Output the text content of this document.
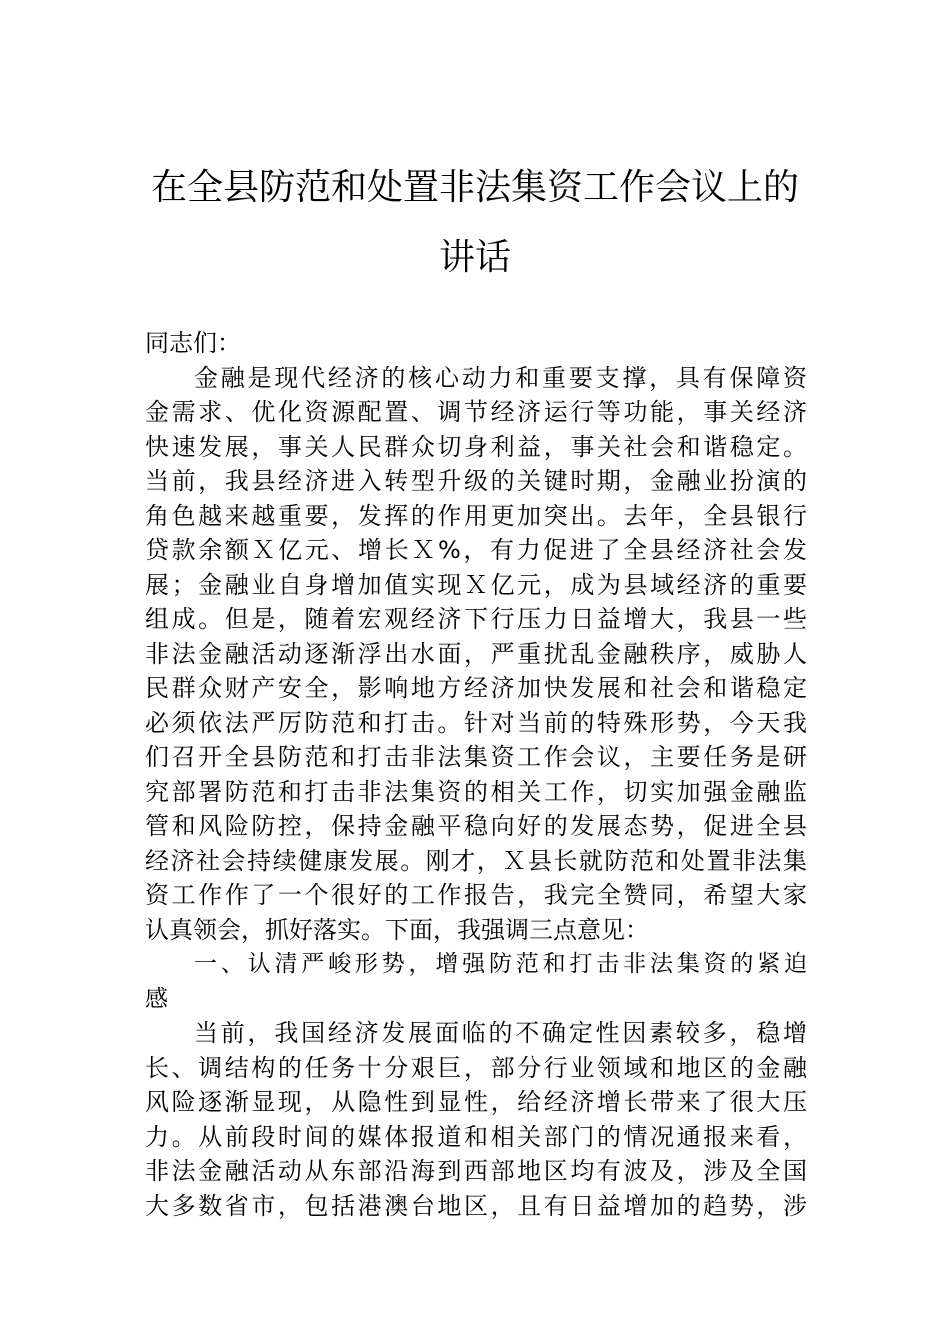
在全县防范和处置非法集资工作会议上的
讲话
同志们：
金融是现代经济的核心动力和重要支撑，具有保障资
金需求、优化资源配置、调节经济运行等功能，事关经济
快速发展，事关人民群众切身利益，事关社会和谐稳定。
当前，我县经济进入转型升级的关键时期，金融业扮演的
角色越来越重要，发挥的作用更加突出。去年，全县银行
贷款余额Ｘ亿元、增长Ｘ%，有力促进了全县经济社会发
展；金融业自身增加值实现Ｘ亿元，成为县域经济的重要
组成。但是，随着宏观经济下行压力日益增大，我县一些
非法金融活动逐渐浮出水面，严重扰乱金融秩序，威胁人
民群众财产安全，影响地方经济加快发展和社会和谐稳定
必须依法严厉防范和打击。针对当前的特殊形势，今天我
们召开全县防范和打击非法集资工作会议，主要任务是研
究部署防范和打击非法集资的相关工作，切实加强金融监
管和风险防控，保持金融平稳向好的发展态势，促进全县
经济社会持续健康发展。刚才，Ｘ县长就防范和处置非法集
资工作作了一个很好的工作报告，我完全赞同，希望大家
认真领会，抓好落实。下面，我强调三点意见：
一、认清严峻形势，增强防范和打击非法集资的紧迫
感
当前，我国经济发展面临的不确定性因素较多，稳增
长、调结构的任务十分艰巨，部分行业领域和地区的金融
风险逐渐显现，从隐性到显性，给经济增长带来了很大压
力。从前段时间的媒体报道和相关部门的情况通报来看，
非法金融活动从东部沿海到西部地区均有波及，涉及全国
大多数省市，包括港澳台地区，且有日益增加的趋势，涉
